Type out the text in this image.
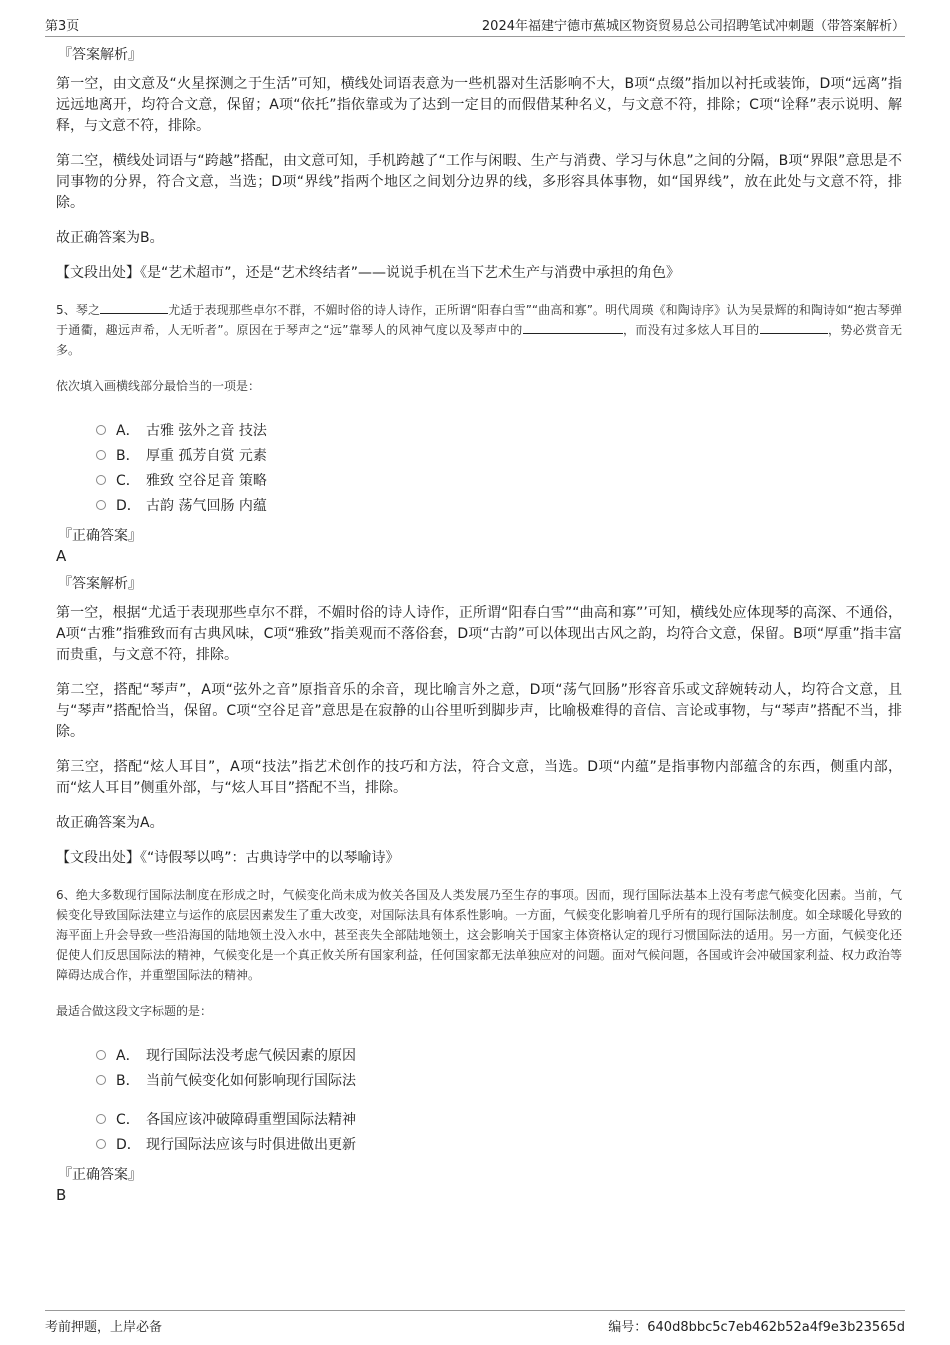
第3页	2024年福建宁德市蕉城区物资贸易总公司招聘笔试冲刺题（带答案解析）
『答案解析』

第一空，由文意及“火星探测之于生活”可知，横线处词语表意为一些机器对生活影响不大，B项“点缀”指加以衬托或装饰，D项“远离”指远远地离开，均符合文意，保留；A项“依托”指依靠或为了达到一定目的而假借某种名义，与文意不符，排除；C项“诠释”表示说明、解释，与文意不符，排除。

第二空，横线处词语与“跨越”搭配，由文意可知，手机跨越了“工作与闲暇、生产与消费、学习与休息”之间的分隔，B项“界限”意思是不同事物的分界，符合文意，当选；D项“界线”指两个地区之间划分边界的线，多形容具体事物，如“国界线”，放在此处与文意不符，排除。

故正确答案为B。

【文段出处】《是“艺术超市”，还是“艺术终结者”——说说手机在当下艺术生产与消费中承担的角色》

5、琴之	尤适于表现那些卓尔不群，不媚时俗的诗人诗作，正所谓“阳春白雪”“曲高和寡”。明代周瑛《和陶诗序》认为吴景辉的和陶诗如“抱古琴弹于通衢，趣远声希，人无听者”。原因在于琴声之“远”靠琴人的风神气度以及琴声中的	，而没有过多炫人耳目的	，势必赏音无多。

依次填入画横线部分最恰当的一项是：

A． 古雅 弦外之音 技法
B． 厚重 孤芳自赏 元素
C． 雅致 空谷足音 策略
D． 古韵 荡气回肠 内蕴
『正确答案』
A
『答案解析』

第一空，根据“尤适于表现那些卓尔不群，不媚时俗的诗人诗作，正所谓“阳春白雪”“曲高和寡”’可知，横线处应体现琴的高深、不通俗，A项“古雅”指雅致而有古典风味，C项“雅致”指美观而不落俗套，D项“古韵”可以体现出古风之韵，均符合文意，保留。B项“厚重”指丰富而贵重，与文意不符，排除。

第二空，搭配“琴声”，A项“弦外之音”原指音乐的余音，现比喻言外之意，D项“荡气回肠”形容音乐或文辞婉转动人，均符合文意，且与“琴声”搭配恰当，保留。C项“空谷足音”意思是在寂静的山谷里听到脚步声，比喻极难得的音信、言论或事物，与“琴声”搭配不当，排除。

第三空，搭配“炫人耳目”，A项“技法”指艺术创作的技巧和方法，符合文意，当选。D项“内蕴”是指事物内部蕴含的东西，侧重内部，而“炫人耳目”侧重外部，与“炫人耳目”搭配不当，排除。

故正确答案为A。

【文段出处】《“诗假琴以鸣”：古典诗学中的以琴喻诗》

6、绝大多数现行国际法制度在形成之时，气候变化尚未成为攸关各国及人类发展乃至生存的事项。因而，现行国际法基本上没有考虑气候变化因素。当前，气候变化导致国际法建立与运作的底层因素发生了重大改变，对国际法具有体系性影响。一方面，气候变化影响着几乎所有的现行国际法制度。如全球暖化导致的海平面上升会导致一些沿海国的陆地领土没入水中，甚至丧失全部陆地领土，这会影响关于国家主体资格认定的现行习惯国际法的适用。另一方面，气候变化还促使人们反思国际法的精神，气候变化是一个真正攸关所有国家利益，任何国家都无法单独应对的问题。面对气候问题，各国或许会冲破国家利益、权力政治等障碍达成合作，并重塑国际法的精神。

最适合做这段文字标题的是：

A． 现行国际法没考虑气候因素的原因
B． 当前气候变化如何影响现行国际法
C． 各国应该冲破障碍重塑国际法精神
D． 现行国际法应该与时俱进做出更新
『正确答案』
B
考前押题，上岸必备	编号：640d8bbc5c7eb462b52a4f9e3b23565d
